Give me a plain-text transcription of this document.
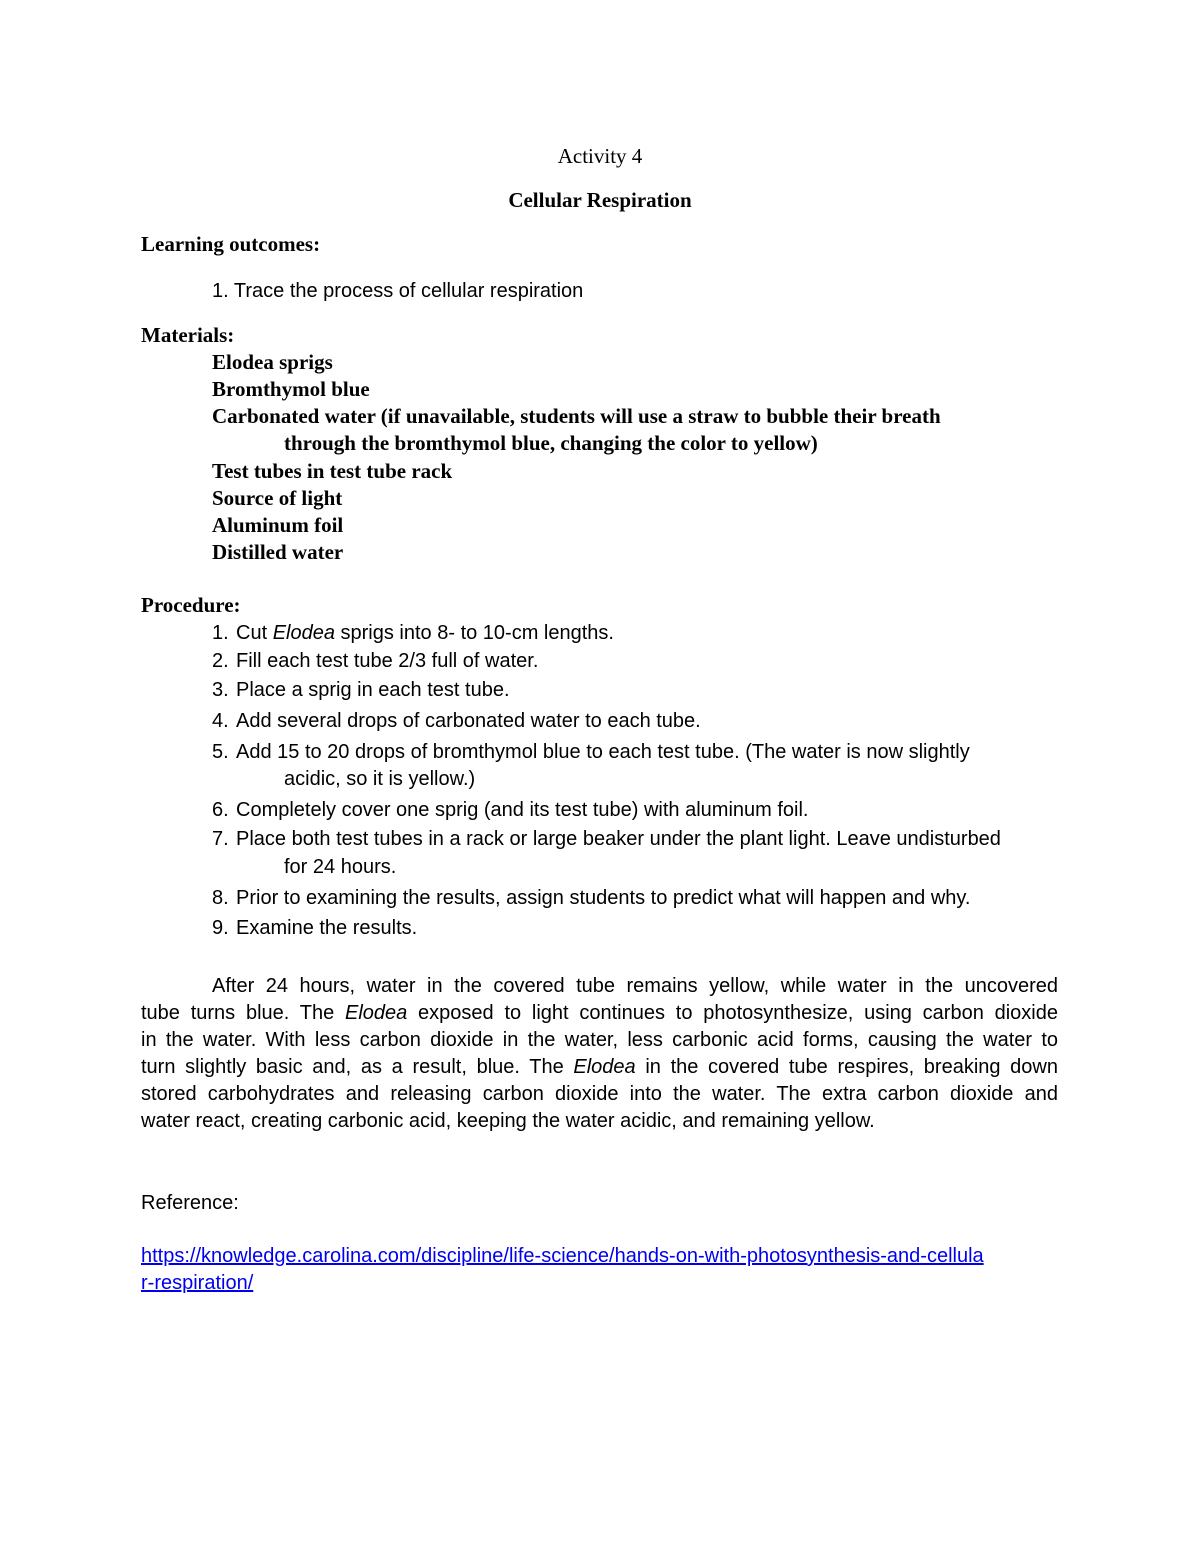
Activity 4
Cellular Respiration
Learning outcomes:
1. Trace the process of cellular respiration
Materials:
Elodea sprigs
Bromthymol blue
Carbonated water (if unavailable, students will use a straw to bubble their breath
through the bromthymol blue, changing the color to yellow)
Test tubes in test tube rack
Source of light
Aluminum foil
Distilled water
Procedure:
1. Cut Elodea sprigs into 8- to 10-cm lengths.
2. Fill each test tube 2/3 full of water.
3. Place a sprig in each test tube.
4. Add several drops of carbonated water to each tube.
5. Add 15 to 20 drops of bromthymol blue to each test tube. (The water is now slightly
acidic, so it is yellow.)
6. Completely cover one sprig (and its test tube) with aluminum foil.
7. Place both test tubes in a rack or large beaker under the plant light. Leave undisturbed
for 24 hours.
8. Prior to examining the results, assign students to predict what will happen and why.
9. Examine the results.
After 24 hours, water in the covered tube remains yellow, while water in the uncovered
tube turns blue. The Elodea exposed to light continues to photosynthesize, using carbon dioxide
in the water. With less carbon dioxide in the water, less carbonic acid forms, causing the water to
turn slightly basic and, as a result, blue. The Elodea in the covered tube respires, breaking down
stored carbohydrates and releasing carbon dioxide into the water. The extra carbon dioxide and
water react, creating carbonic acid, keeping the water acidic, and remaining yellow.
Reference:
https://knowledge.carolina.com/discipline/life-science/hands-on-with-photosynthesis-and-cellula
r-respiration/
